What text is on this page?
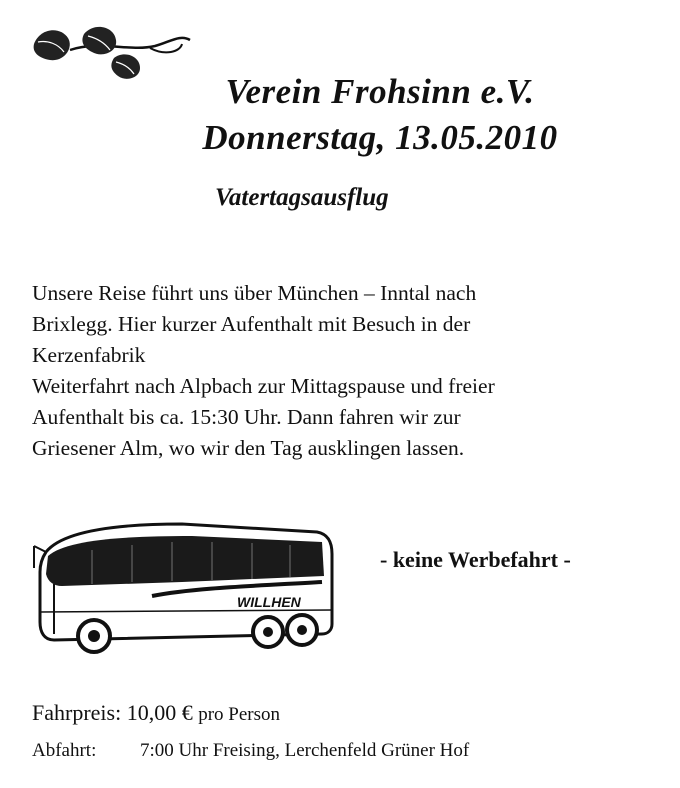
Verein Frohsinn e.V.
Donnerstag, 13.05.2010
Vatertagsausflug
Unsere Reise führt uns über München – Inntal nach
Brixlegg. Hier kurzer Aufenthalt mit Besuch in der
Kerzenfabrik
Weiterfahrt nach Alpbach zur Mittagspause und freier
Aufenthalt bis ca. 15:30 Uhr. Dann fahren wir zur
Griesener Alm, wo wir den Tag ausklingen lassen.
WILLHEN
- keine Werbefahrt -
Fahrpreis: 10,00 € pro Person
Abfahrt: 7:00 Uhr Freising, Lerchenfeld Grüner Hof
